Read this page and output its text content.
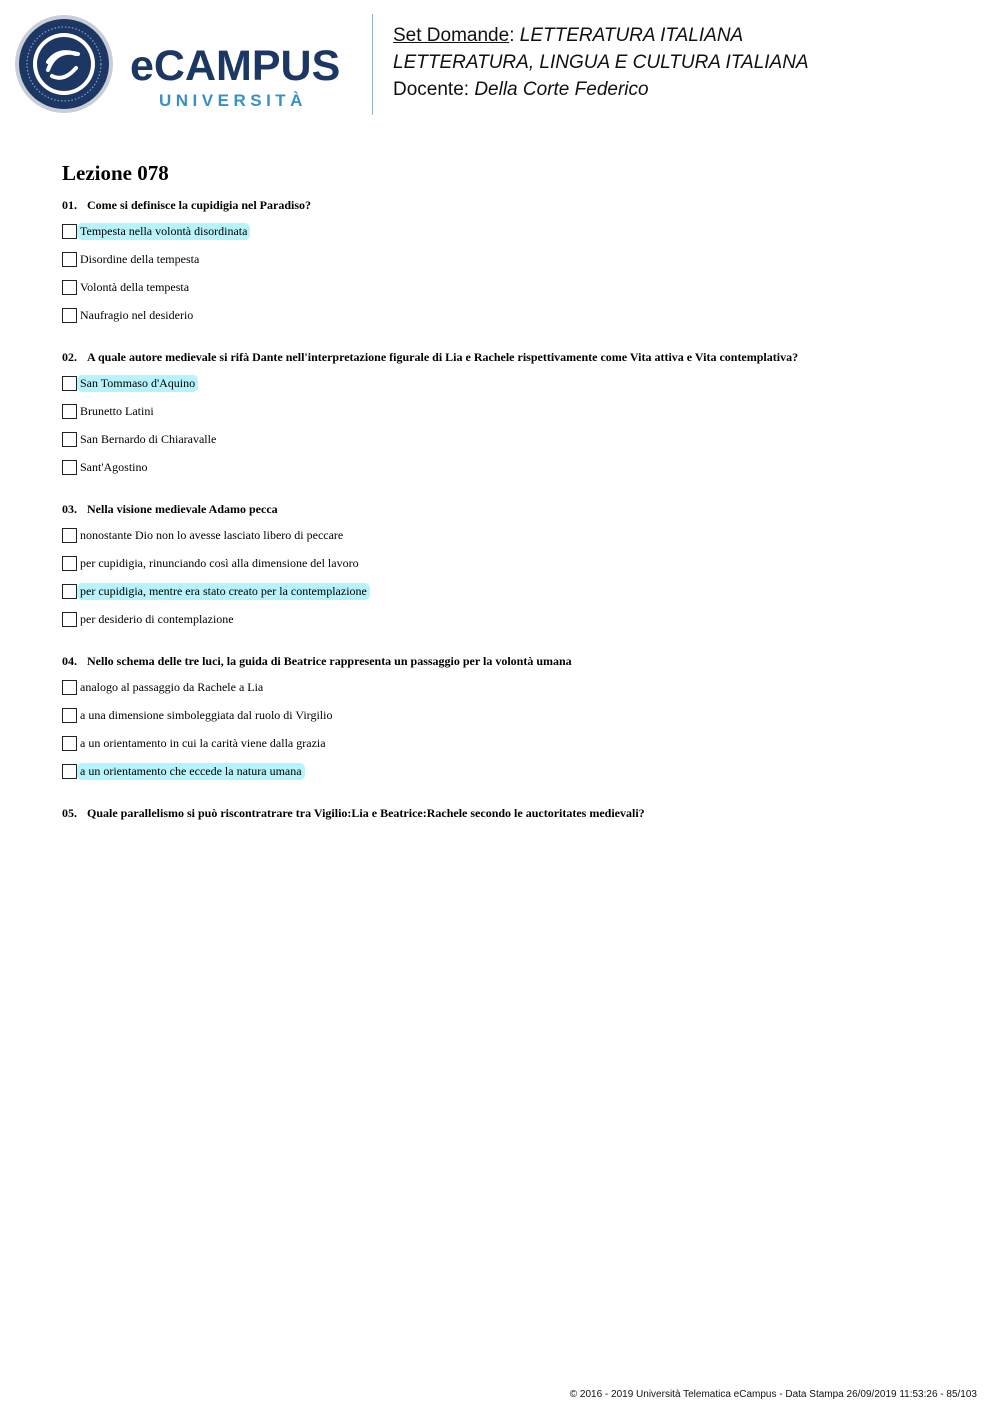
eCAMPUS
UNIVERSITÀ
Set Domande: LETTERATURA ITALIANA
LETTERATURA, LINGUA E CULTURA ITALIANA
Docente: Della Corte Federico
Lezione 078
01. Come si definisce la cupidigia nel Paradiso?
Tempesta nella volontà disordinata
Disordine della tempesta
Volontà della tempesta
Naufragio nel desiderio
02. A quale autore medievale si rifà Dante nell'interpretazione figurale di Lia e Rachele rispettivamente come Vita attiva e Vita contemplativa?
San Tommaso d'Aquino
Brunetto Latini
San Bernardo di Chiaravalle
Sant'Agostino
03. Nella visione medievale Adamo pecca
nonostante Dio non lo avesse lasciato libero di peccare
per cupidigia, rinunciando così alla dimensione del lavoro
per cupidigia, mentre era stato creato per la contemplazione
per desiderio di contemplazione
04. Nello schema delle tre luci, la guida di Beatrice rappresenta un passaggio per la volontà umana
analogo al passaggio da Rachele a Lia
a una dimensione simboleggiata dal ruolo di Virgilio
a un orientamento in cui la carità viene dalla grazia
a un orientamento che eccede la natura umana
05. Quale parallelismo si può riscontratrare tra Vigilio:Lia e Beatrice:Rachele secondo le auctoritates medievali?
© 2016 - 2019 Università Telematica eCampus - Data Stampa 26/09/2019 11:53:26 - 85/103
